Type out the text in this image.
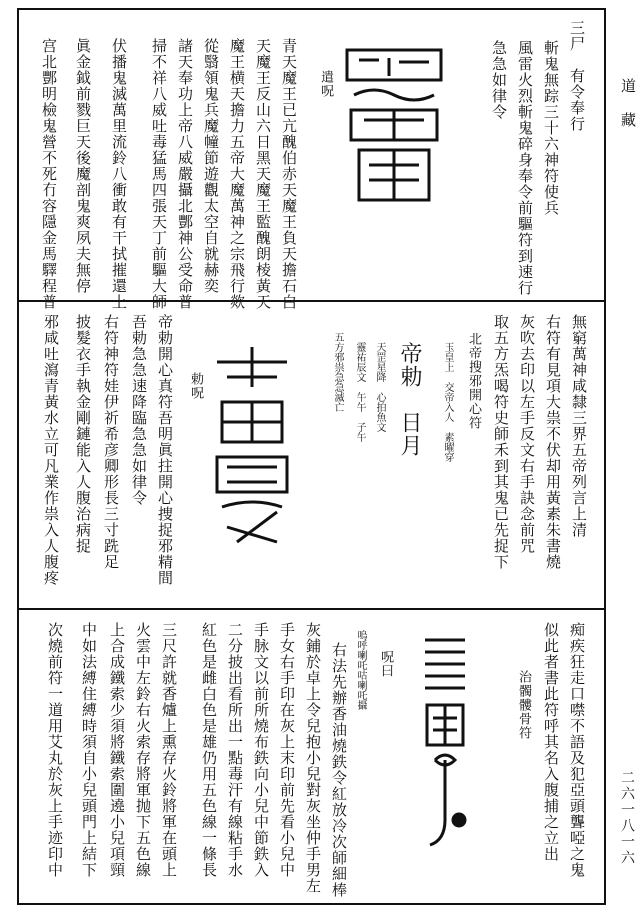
道
藏
二六一八一六
三尸　有令奉行
斬鬼無踪三十六神符使兵
風雷火烈斬鬼碎身奉令前驅符到速行
急急如律令
遣呪
青天魔王已亢醜伯赤天魔王負天擔石白
天魔王反山六日黑天魔王監醜朗棱黃天
魔王横天擔力五帝大魔萬神之宗飛行欻
從翳領鬼兵魔幢節遊觀太空自就赫奕
諸天奉功上帝八威嚴攝北酆神公受命普
掃不祥八威吐毒猛馬四張天丁前驅大師
伏播鬼滅萬里流鈴八衝敢有干拭摧還上
眞金鉞前戮巨天後魔剖鬼爽夙夫無停
宫北酆明檢鬼營不死冇容隱金馬驛程普
無窮萬神咸隸三界五帝列言上清
右符有見項大祟不伏却用黃素朱書燒
灰吹去印以左手反文右手訣念前咒
取五方炁喝符史師禾到其鬼已先捉下
北帝搜邪開心符
玉皇上　交帝入人　素曜穿
帝勅　日月
天罡星降　心拍魚文
靈祐辰文　午午　子午
五方邪祟急急滅亡
勅呪
帝勅開心真符吾明眞拄開心捜捉邪精間
吾勅急急速降臨急急如律令
右符神符娃伊祈希彦卿形長三寸跣足
披髮衣手執金剛鏈能入人腹治病捉
邪咸吐瀉青黃水立可凡業作祟入人腹疼
痴疾狂走口噤不語及犯亞頭聾啞之鬼
似此者書此符呼其名入腹捕之立出
治髑髏骨符
嗚呼喇吒咕喇吒攝 呪曰
右法先辦香油燒鉄令紅放冷次師細棒
灰鋪於卓上令兒抱小兒對灰坐仲手男左
手女右手印在灰上末印前先看小兒中
手脉文以前所燒布鉄向小兒中節鉄入
二分披出看所出一點毒汗有線粘手水
紅色是雌白色是雄仍用五色線一條長
三尺許就香爐上熏存火鈴將軍在頭上
火雲中左鈴右火索存將軍抛下五色線
上合成鐵索少須將鐵索圍遶小兒項頸
中如法縛住縛時須自小兒頭門上結下
次燒前符一道用艾丸於灰上手迹印中
